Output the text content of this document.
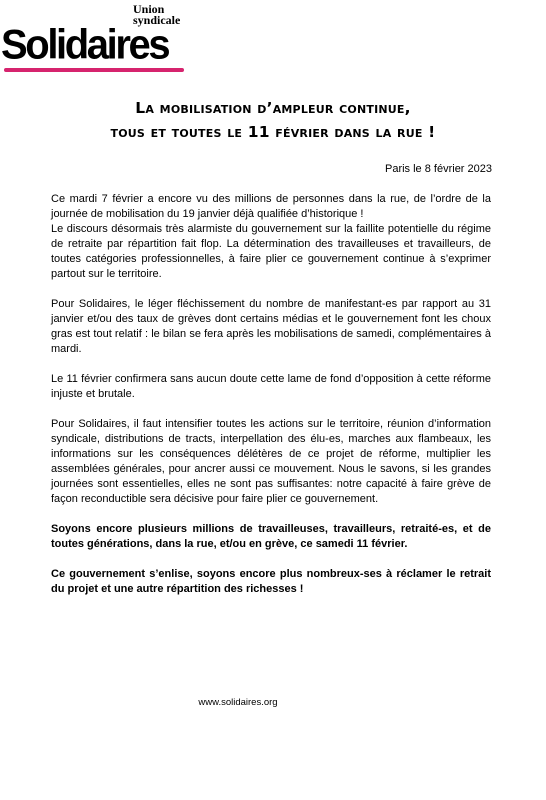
Union
syndicale
Solidaires
La mobilisation d’ampleur continue,
tous et toutes le 11 février dans la rue !
Paris le 8 février 2023

Ce mardi 7 février a encore vu des millions de personnes dans la rue, de l’ordre de la journée de mobilisation du 19 janvier déjà qualifiée d’historique !
Le discours désormais très alarmiste du gouvernement sur la faillite potentielle du régime de retraite par répartition fait flop. La détermination des travailleuses et travailleurs, de toutes catégories professionnelles, à faire plier ce gouvernement continue à s’exprimer partout sur le territoire.

Pour Solidaires, le léger fléchissement du nombre de manifestant-es par rapport au 31 janvier et/ou des taux de grèves dont certains médias et le gouvernement font les choux gras est tout relatif : le bilan se fera après les mobilisations de samedi, complémentaires à mardi.

Le 11 février confirmera sans aucun doute cette lame de fond d’opposition à cette réforme injuste et brutale.

Pour Solidaires, il faut intensifier toutes les actions sur le territoire, réunion d’information syndicale, distributions de tracts, interpellation des élu-es, marches aux flambeaux, les informations sur les conséquences délétères de ce projet de réforme, multiplier les assemblées générales, pour ancrer aussi ce mouvement. Nous le savons, si les grandes journées sont essentielles, elles ne sont pas suffisantes: notre capacité à faire grève de façon reconductible sera décisive pour faire plier ce gouvernement.

Soyons encore plusieurs millions de travailleuses, travailleurs, retraité-es, et de toutes générations, dans la rue, et/ou en grève, ce samedi 11 février.

Ce gouvernement s’enlise, soyons encore plus nombreux-ses à réclamer le retrait du projet et une autre répartition des richesses !

www.solidaires.org
